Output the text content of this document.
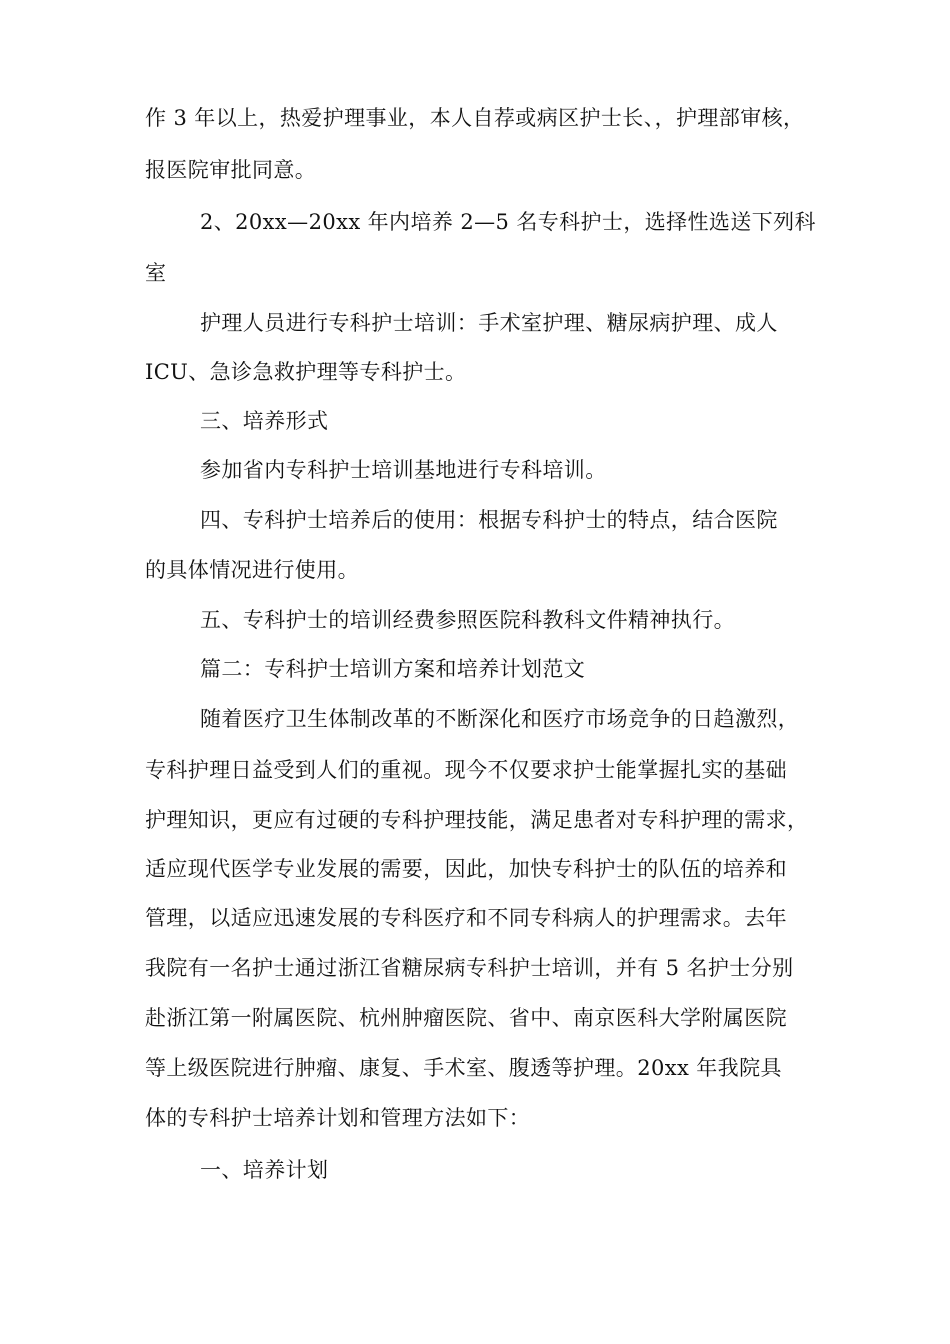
作 3 年以上，热爱护理事业，本人自荐或病区护士长、，护理部审核，
报医院审批同意。
2、20xx—20xx 年内培养 2—5 名专科护士，选择性选送下列科
室
护理人员进行专科护士培训：手术室护理、糖尿病护理、成人
ICU、急诊急救护理等专科护士。
三、培养形式
参加省内专科护士培训基地进行专科培训。
四、专科护士培养后的使用：根据专科护士的特点，结合医院
的具体情况进行使用。
五、专科护士的培训经费参照医院科教科文件精神执行。
篇二：专科护士培训方案和培养计划范文
随着医疗卫生体制改革的不断深化和医疗市场竞争的日趋激烈，
专科护理日益受到人们的重视。现今不仅要求护士能掌握扎实的基础
护理知识，更应有过硬的专科护理技能，满足患者对专科护理的需求，
适应现代医学专业发展的需要，因此，加快专科护士的队伍的培养和
管理，以适应迅速发展的专科医疗和不同专科病人的护理需求。去年
我院有一名护士通过浙江省糖尿病专科护士培训，并有 5 名护士分别
赴浙江第一附属医院、杭州肿瘤医院、省中、南京医科大学附属医院
等上级医院进行肿瘤、康复、手术室、腹透等护理。20xx 年我院具
体的专科护士培养计划和管理方法如下：
一、培养计划
